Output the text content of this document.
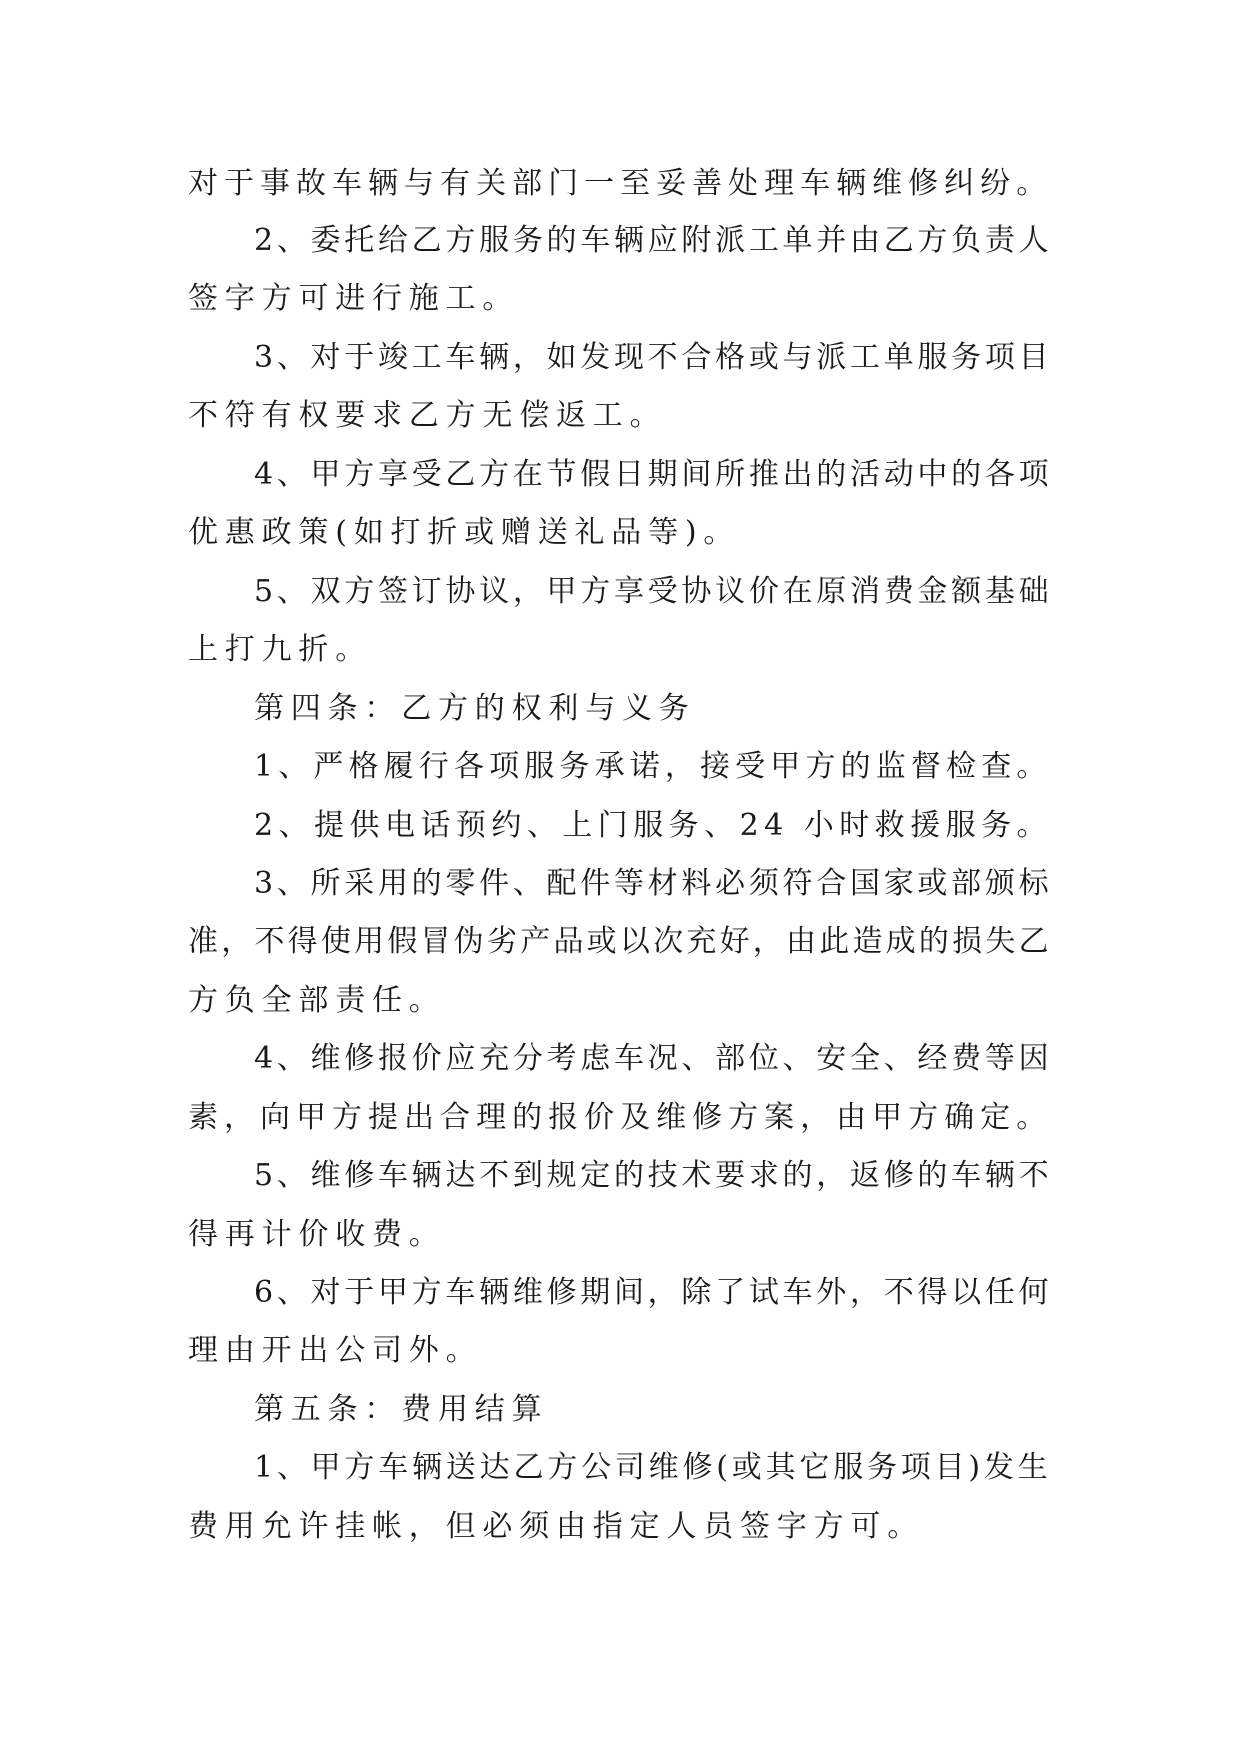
对于事故车辆与有关部门一至妥善处理车辆维修纠纷。
2、委托给乙方服务的车辆应附派工单并由乙方负责人
签字方可进行施工。
3、对于竣工车辆，如发现不合格或与派工单服务项目
不符有权要求乙方无偿返工。
4、甲方享受乙方在节假日期间所推出的活动中的各项
优惠政策(如打折或赠送礼品等)。
5、双方签订协议，甲方享受协议价在原消费金额基础
上打九折。
第四条：乙方的权利与义务
1、严格履行各项服务承诺，接受甲方的监督检查。
2、提供电话预约、上门服务、24 小时救援服务。
3、所采用的零件、配件等材料必须符合国家或部颁标
准，不得使用假冒伪劣产品或以次充好，由此造成的损失乙
方负全部责任。
4、维修报价应充分考虑车况、部位、安全、经费等因
素，向甲方提出合理的报价及维修方案，由甲方确定。
5、维修车辆达不到规定的技术要求的，返修的车辆不
得再计价收费。
6、对于甲方车辆维修期间，除了试车外，不得以任何
理由开出公司外。
第五条：费用结算
1、甲方车辆送达乙方公司维修(或其它服务项目)发生
费用允许挂帐，但必须由指定人员签字方可。
